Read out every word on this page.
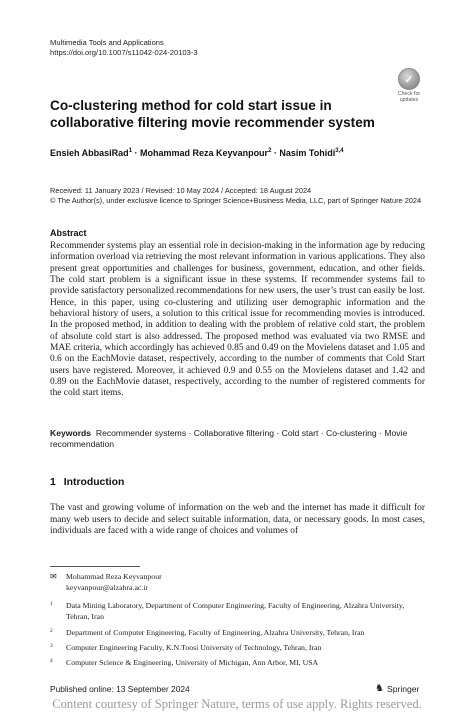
Multimedia Tools and Applications
https://doi.org/10.1007/s11042-024-20103-3
✓
Check for
updates
Co-clustering method for cold start issue in collaborative filtering movie recommender system
Ensieh AbbasiRad$^1$ · Mohammad Reza Keyvanpour$^2$ · Nasim Tohidi$^{3,4}$
Received: 11 January 2023 / Revised: 10 May 2024 / Accepted: 18 August 2024
© The Author(s), under exclusive licence to Springer Science+Business Media, LLC, part of Springer Nature 2024
Abstract
Recommender systems play an essential role in decision-making in the information age by reducing information overload via retrieving the most relevant information in various applications. They also present great opportunities and challenges for business, government, education, and other fields. The cold start problem is a significant issue in these systems. If recommender systems fail to provide satisfactory personalized recommendations for new users, the user’s trust can easily be lost. Hence, in this paper, using co-clustering and utilizing user demographic information and the behavioral history of users, a solution to this critical issue for recommending movies is introduced. In the proposed method, in addition to dealing with the problem of relative cold start, the problem of absolute cold start is also addressed. The proposed method was evaluated via two RMSE and MAE criteria, which accordingly has achieved 0.85 and 0.49 on the Movielens dataset and 1.05 and 0.6 on the EachMovie dataset, respectively, according to the number of comments that Cold Start users have registered. Moreover, it achieved 0.9 and 0.55 on the Movielens dataset and 1.42 and 0.89 on the EachMovie dataset, respectively, according to the number of registered comments for the cold start items.
Keywords Recommender systems · Collaborative filtering · Cold start · Co-clustering · Movie recommendation
1 Introduction
The vast and growing volume of information on the web and the internet has made it difficult for many web users to decide and select suitable information, data, or necessary goods. In most cases, individuals are faced with a wide range of choices and volumes of
✉ Mohammad Reza Keyvanpour
keyvanpour@alzahra.ac.ir
1 Data Mining Laboratory, Department of Computer Engineering, Faculty of Engineering, Alzahra University, Tehran, Iran
2 Department of Computer Engineering, Faculty of Engineering, Alzahra University, Tehran, Iran
3 Computer Engineering Faculty, K.N.Toosi University of Technology, Tehran, Iran
4 Computer Science & Engineering, University of Michigan, Ann Arbor, MI, USA
Published online: 13 September 2024	♞ Springer
Content courtesy of Springer Nature, terms of use apply. Rights reserved.
